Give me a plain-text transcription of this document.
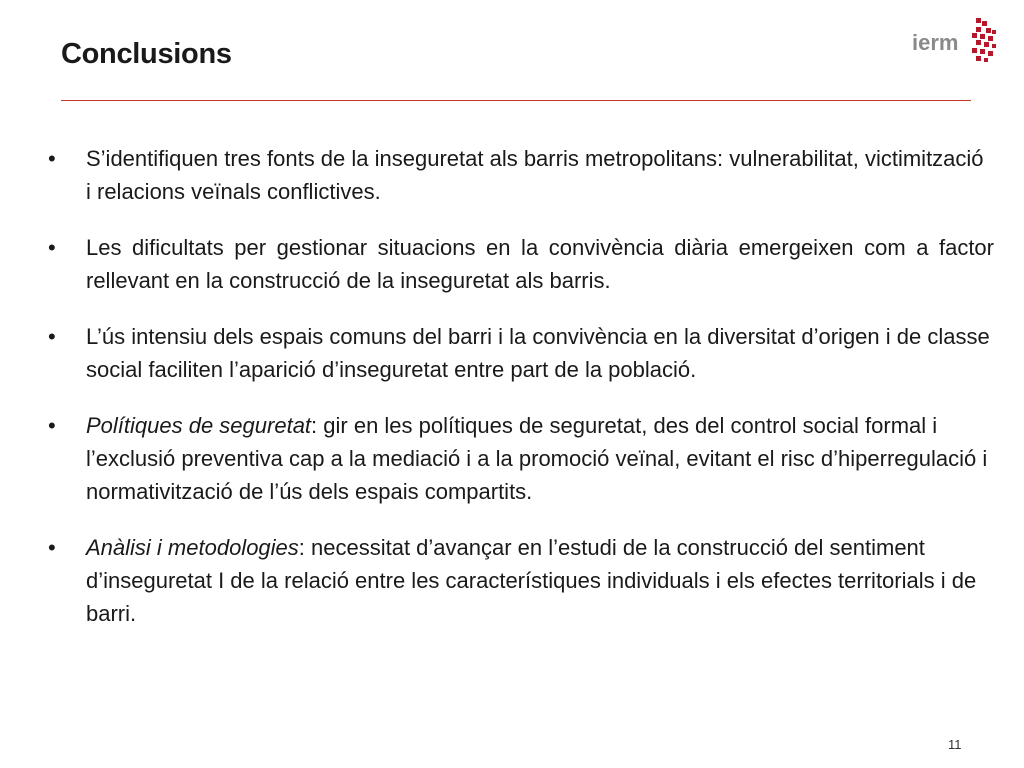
Conclusions	ierm
•	S’identifiquen tres fonts de la inseguretat als barris metropolitans: vulnerabilitat, victimització i relacions veïnals conflictives.
•	Les dificultats per gestionar situacions en la convivència diària emergeixen com a factor rellevant en la construcció de la inseguretat als barris.
•	L’ús intensiu dels espais comuns del barri i la convivència en la diversitat d’origen i de classe social faciliten l’aparició d’inseguretat entre part de la població.
•	Polítiques de seguretat: gir en les polítiques de seguretat, des del control social formal i l’exclusió preventiva cap a la mediació i a la promoció veïnal, evitant el risc d’hiperregulació i normativització de l’ús dels espais compartits.
•	Anàlisi i metodologies: necessitat d’avançar en l’estudi de la construcció del sentiment d’inseguretat I de la relació entre les característiques individuals i els efectes territorials i de barri.
11
